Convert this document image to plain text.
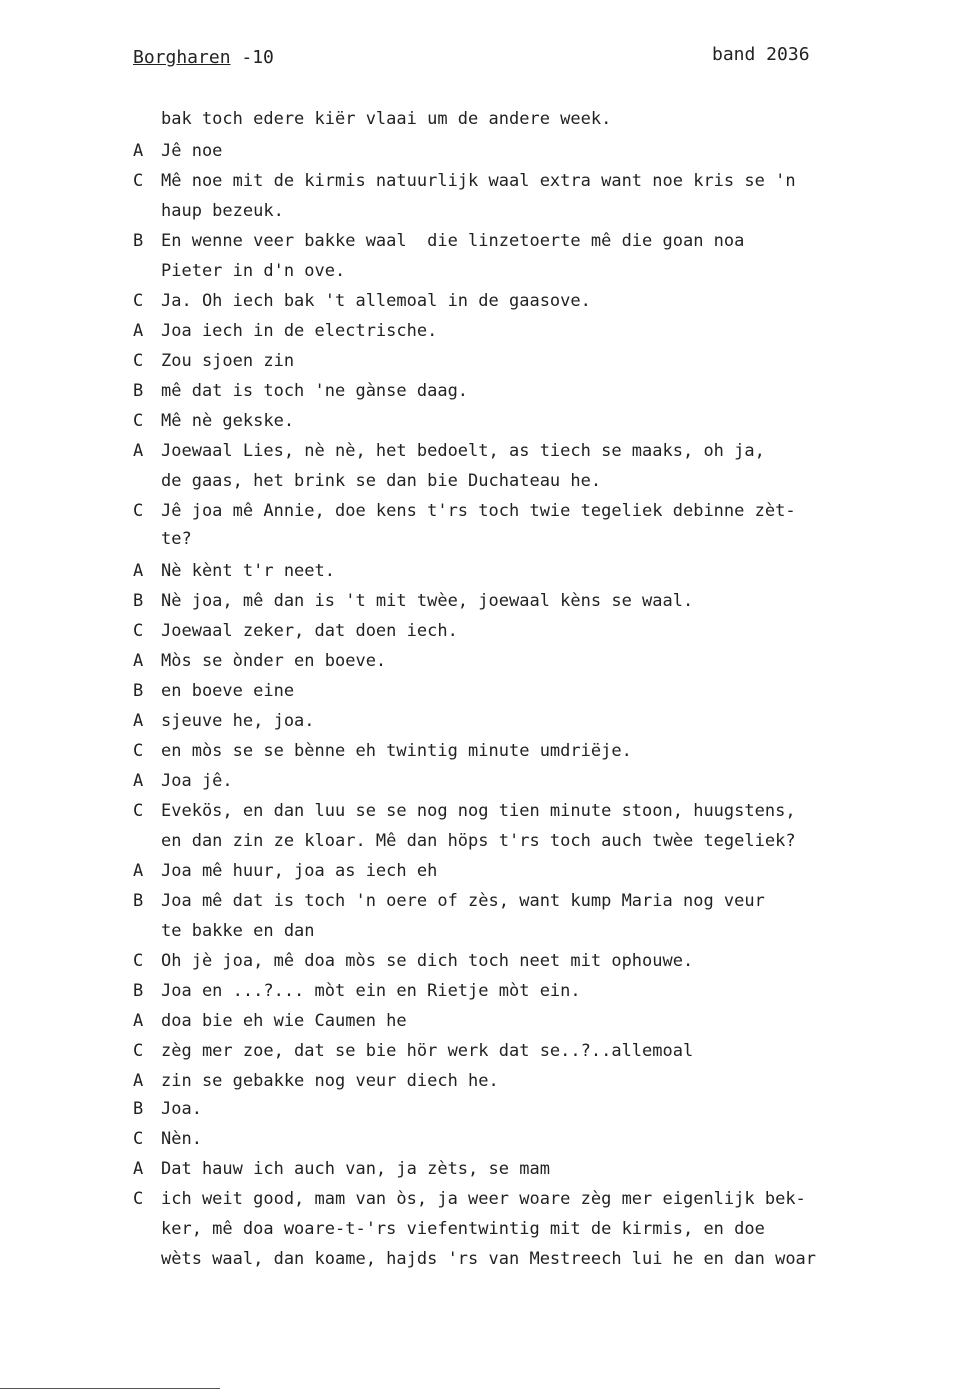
Borgharen -10	band 2036
bak toch edere kiër vlaai um de andere week.
A	Jê noe
C	Mê noe mit de kirmis natuurlijk waal extra want noe kris se 'n
haup bezeuk.
B	En wenne veer bakke waal  die linzetoerte mê die goan noa
Pieter in d'n ove.
C	Ja. Oh iech bak 't allemoal in de gaasove.
A	Joa iech in de electrische.
C	Zou sjoen zin
B	mê dat is toch 'ne gànse daag.
C	Mê nè gekske.
A	Joewaal Lies, nè nè, het bedoelt, as tiech se maaks, oh ja,
de gaas, het brink se dan bie Duchateau he.
C	Jê joa mê Annie, doe kens t'rs toch twie tegeliek debinne zèt-
te?
A	Nè kènt t'r neet.
B	Nè joa, mê dan is 't mit twèe, joewaal kèns se waal.
C	Joewaal zeker, dat doen iech.
A	Mòs se ònder en boeve.
B	en boeve eine
A	sjeuve he, joa.
C	en mòs se se bènne eh twintig minute umdriëje.
A	Joa jê.
C	Evekös, en dan luu se se nog nog tien minute stoon, huugstens,
en dan zin ze kloar. Mê dan höps t'rs toch auch twèe tegeliek?
A	Joa mê huur, joa as iech eh
B	Joa mê dat is toch 'n oere of zès, want kump Maria nog veur
te bakke en dan
C	Oh jè joa, mê doa mòs se dich toch neet mit ophouwe.
B	Joa en ...?... mòt ein en Rietje mòt ein.
A	doa bie eh wie Caumen he
C	zèg mer zoe, dat se bie hör werk dat se..?..allemoal
A	zin se gebakke nog veur diech he.
B	Joa.
C	Nèn.
A	Dat hauw ich auch van, ja zèts, se mam
C	ich weit good, mam van òs, ja weer woare zèg mer eigenlijk bek-
ker, mê doa woare-t-'rs viefentwintig mit de kirmis, en doe
wèts waal, dan koame, hajds 'rs van Mestreech lui he en dan woar
